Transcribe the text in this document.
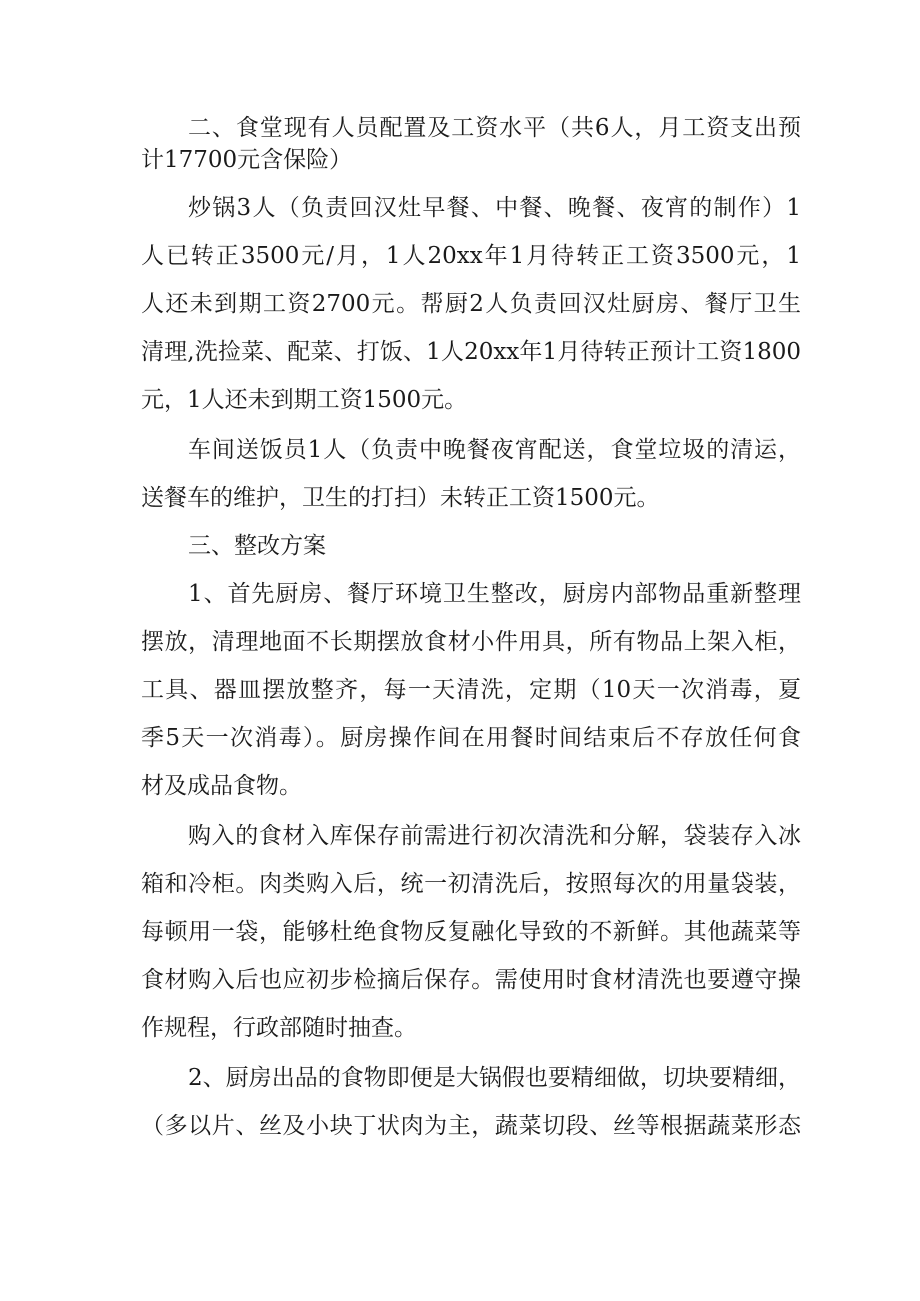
二、食堂现有人员配置及工资水平（共6人，月工资支出预
计17700元含保险）
炒锅3人（负责回汉灶早餐、中餐、晚餐、夜宵的制作）1
人已转正3500元/月，1人20xx年1月待转正工资3500元，1
人还未到期工资2700元。帮厨2人负责回汉灶厨房、餐厅卫生
清理,洗捡菜、配菜、打饭、1人20xx年1月待转正预计工资1800
元，1人还未到期工资1500元。
车间送饭员1人（负责中晚餐夜宵配送，食堂垃圾的清运，
送餐车的维护，卫生的打扫）未转正工资1500元。
三、整改方案
1、首先厨房、餐厅环境卫生整改，厨房内部物品重新整理
摆放，清理地面不长期摆放食材小件用具，所有物品上架入柜，
工具、器皿摆放整齐，每一天清洗，定期（10天一次消毒，夏
季5天一次消毒）。厨房操作间在用餐时间结束后不存放任何食
材及成品食物。
购入的食材入库保存前需进行初次清洗和分解，袋装存入冰
箱和冷柜。肉类购入后，统一初清洗后，按照每次的用量袋装，
每顿用一袋，能够杜绝食物反复融化导致的不新鲜。其他蔬菜等
食材购入后也应初步检摘后保存。需使用时食材清洗也要遵守操
作规程，行政部随时抽查。
2、厨房出品的食物即便是大锅假也要精细做，切块要精细，
（多以片、丝及小块丁状肉为主，蔬菜切段、丝等根据蔬菜形态
